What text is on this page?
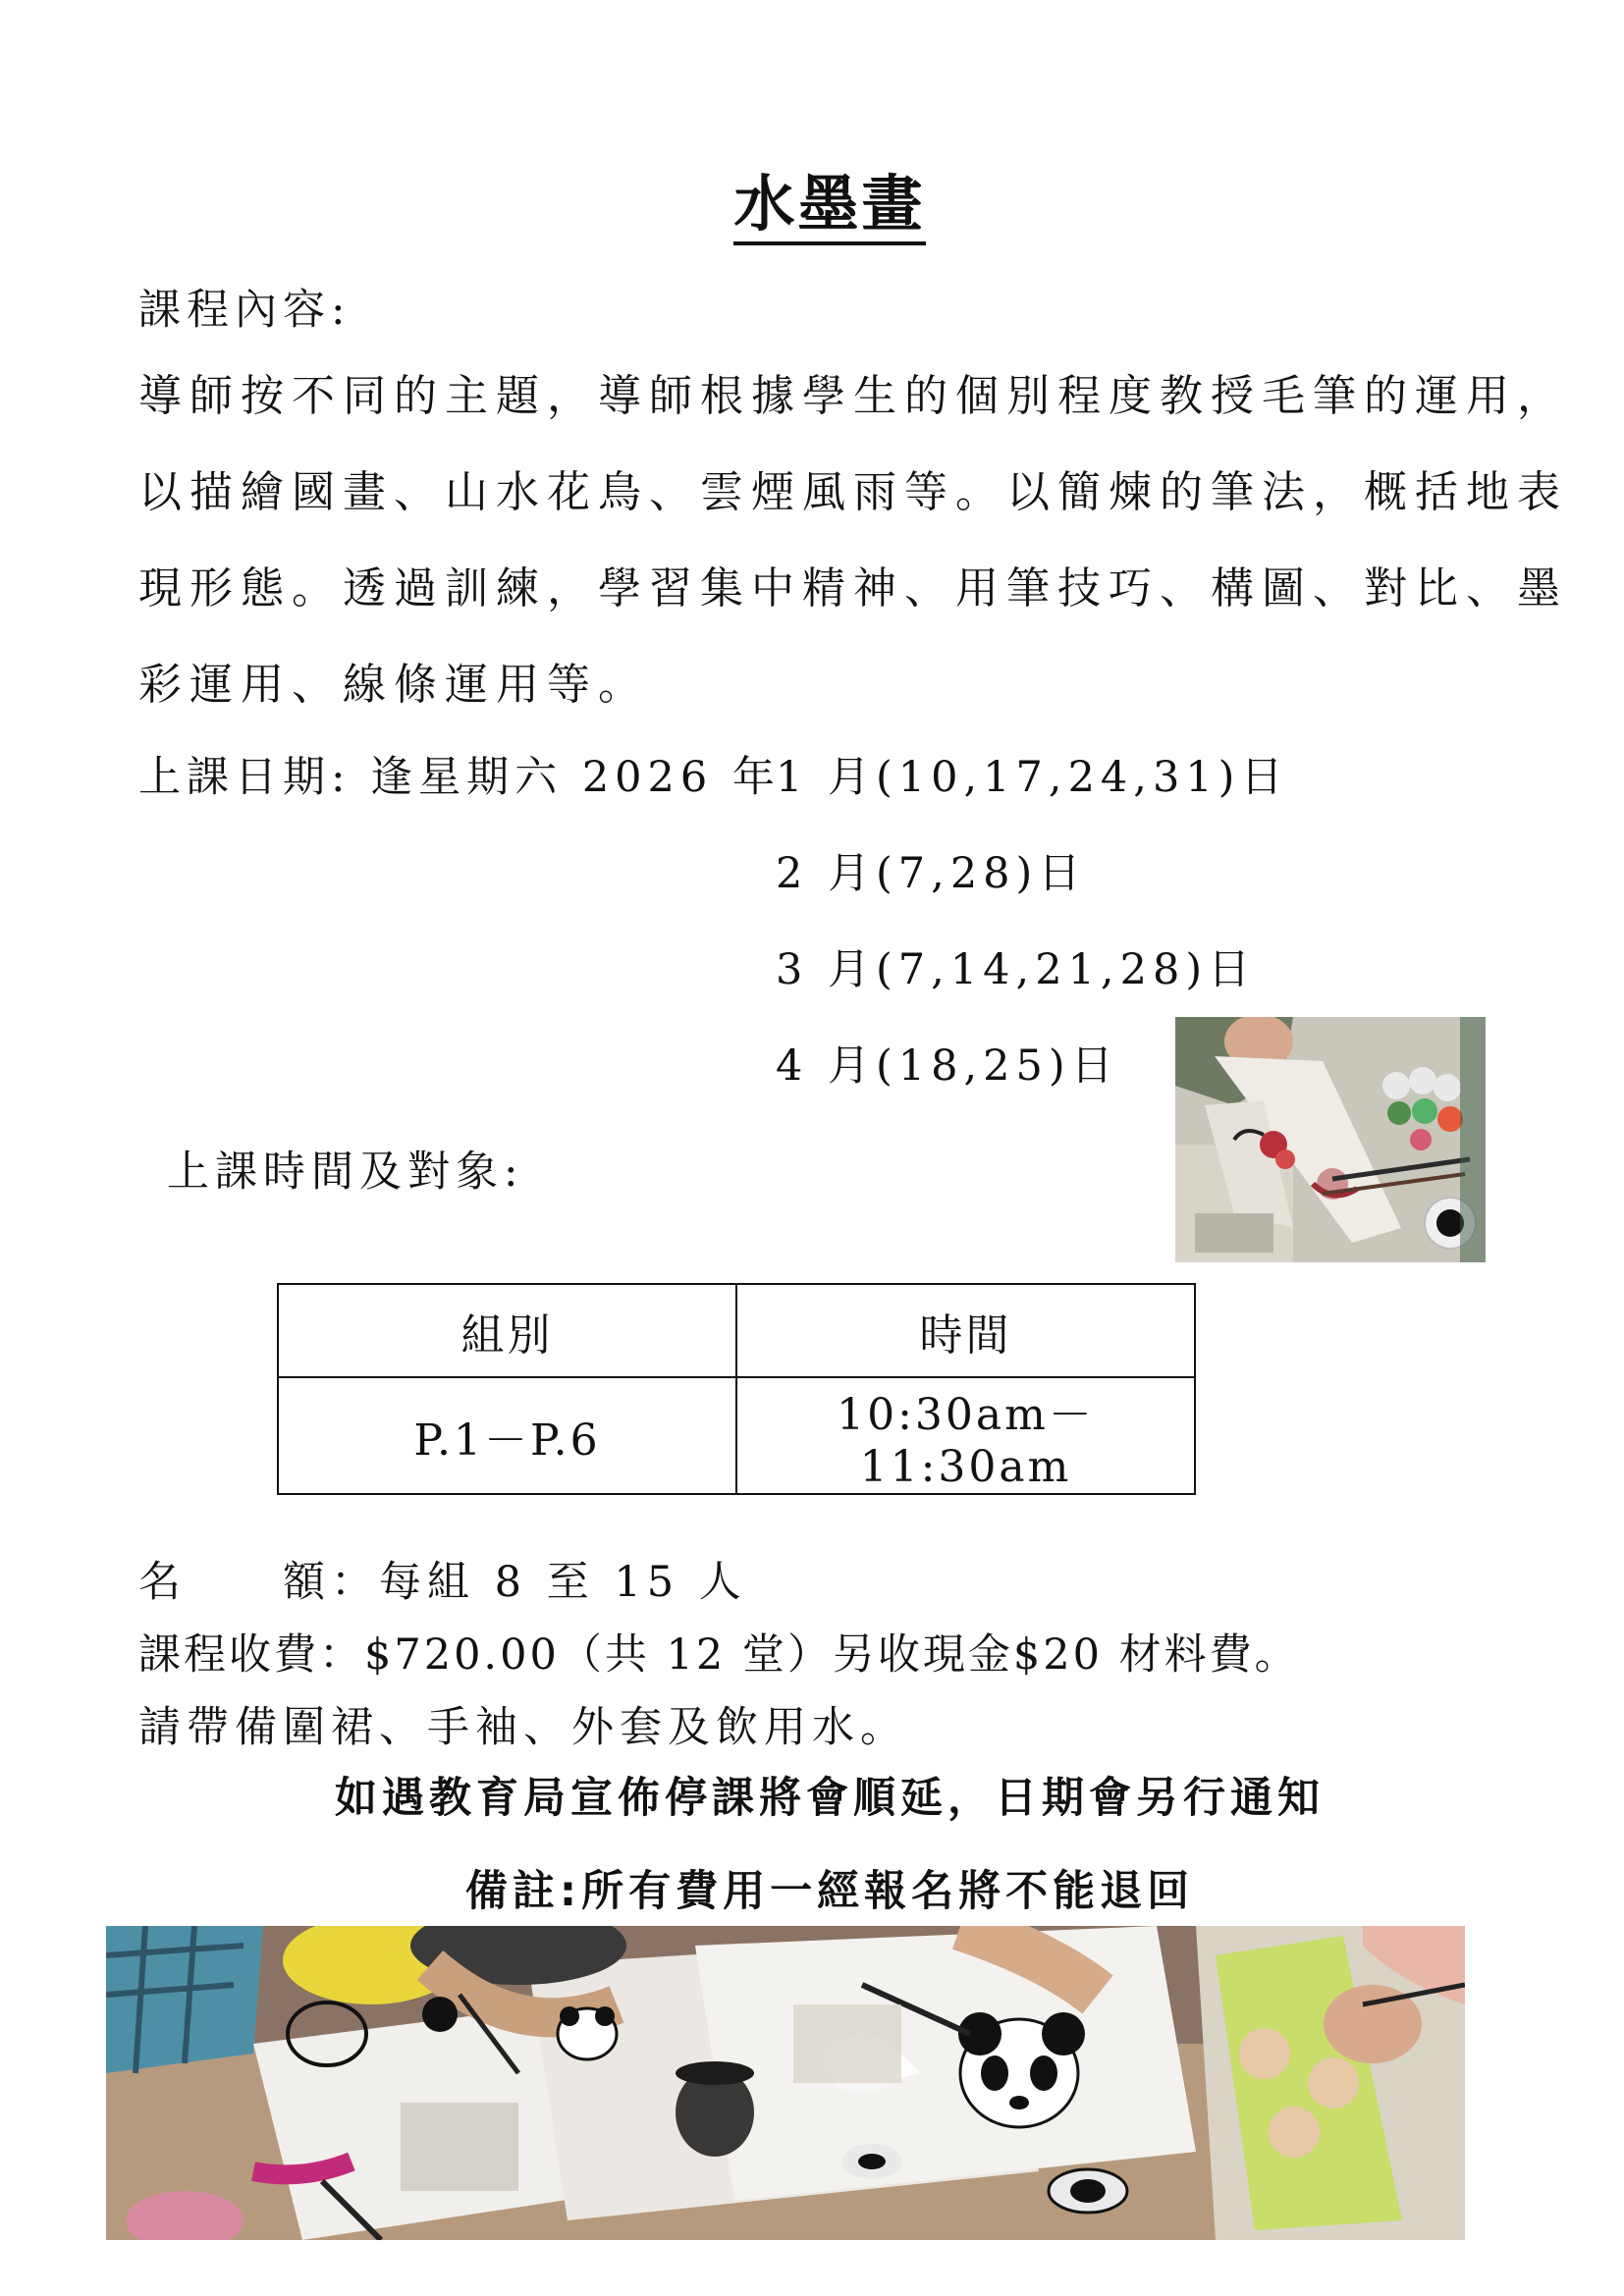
水墨畫
課程內容:
導師按不同的主題，導師根據學生的個別程度教授毛筆的運用，
以描繪國畫、山水花鳥、雲煙風雨等。以簡煉的筆法，概括地表
現形態。透過訓練，學習集中精神、用筆技巧、構圖、對比、墨
彩運用、線條運用等。
上課日期: 逢星期六 2026 年
1 月(10,17,24,31)日
2 月(7,28)日
3 月(7,14,21,28)日
4 月(18,25)日
上課時間及對象:
組別	時間
P.1－P.6	10:30am－11:30am
名　　額：每組 8 至 15 人
課程收費：$720.00（共 12 堂）另收現金$20 材料費。
請帶備圍裙、手袖、外套及飲用水。
如遇教育局宣佈停課將會順延，日期會另行通知
備註:所有費用一經報名將不能退回
